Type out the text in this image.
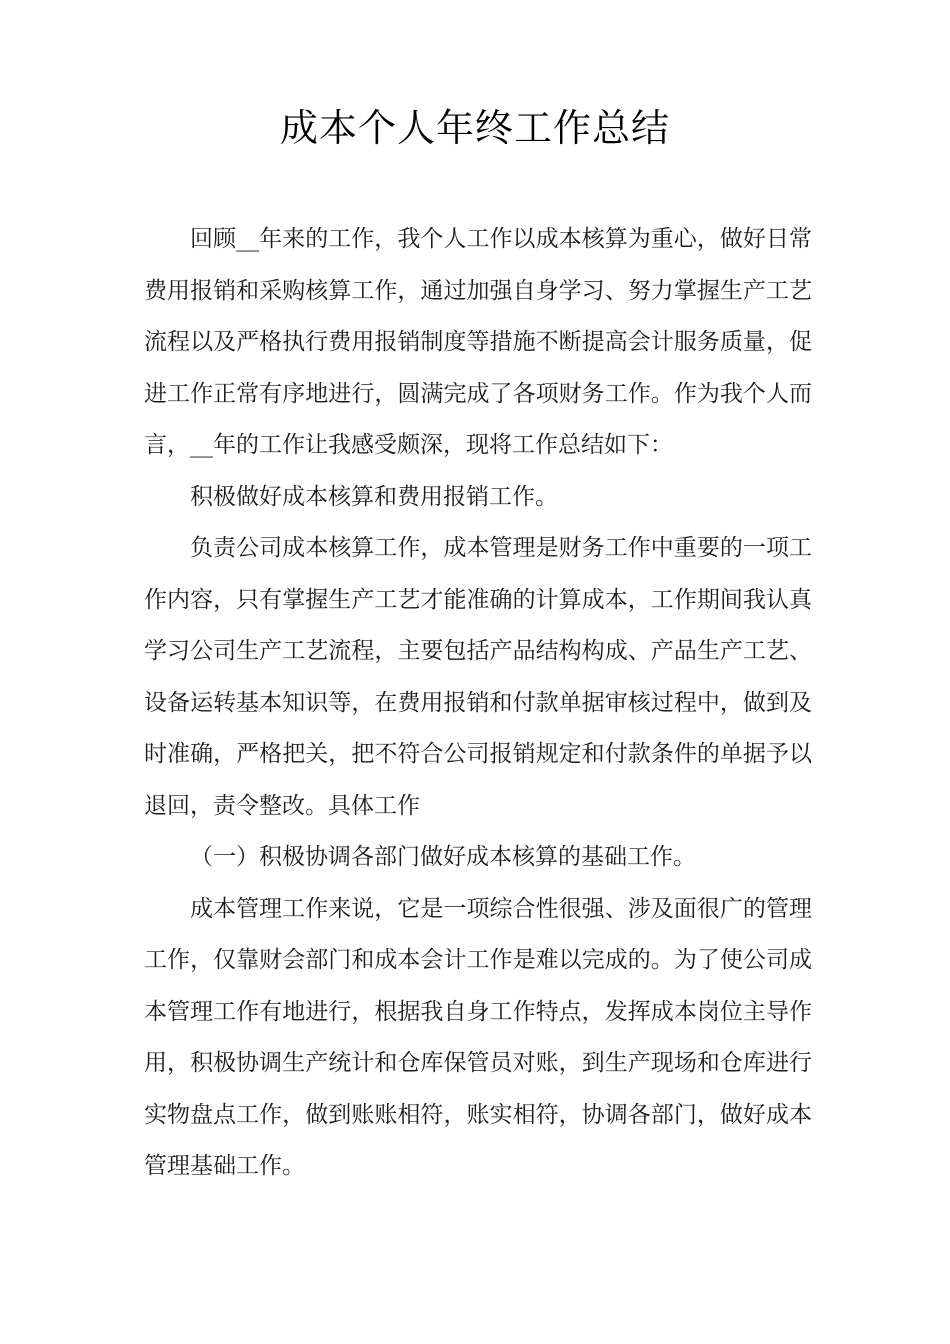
成本个人年终工作总结

回顾__年来的工作，我个人工作以成本核算为重心，做好日常费用报销和采购核算工作，通过加强自身学习、努力掌握生产工艺流程以及严格执行费用报销制度等措施不断提高会计服务质量，促进工作正常有序地进行，圆满完成了各项财务工作。作为我个人而言，__年的工作让我感受颇深，现将工作总结如下：

积极做好成本核算和费用报销工作。

负责公司成本核算工作，成本管理是财务工作中重要的一项工作内容，只有掌握生产工艺才能准确的计算成本，工作期间我认真学习公司生产工艺流程，主要包括产品结构构成、产品生产工艺、设备运转基本知识等，在费用报销和付款单据审核过程中，做到及时准确，严格把关，把不符合公司报销规定和付款条件的单据予以退回，责令整改。具体工作

（一）积极协调各部门做好成本核算的基础工作。

成本管理工作来说，它是一项综合性很强、涉及面很广的管理工作，仅靠财会部门和成本会计工作是难以完成的。为了使公司成本管理工作有地进行，根据我自身工作特点，发挥成本岗位主导作用，积极协调生产统计和仓库保管员对账，到生产现场和仓库进行实物盘点工作，做到账账相符，账实相符，协调各部门，做好成本管理基础工作。
